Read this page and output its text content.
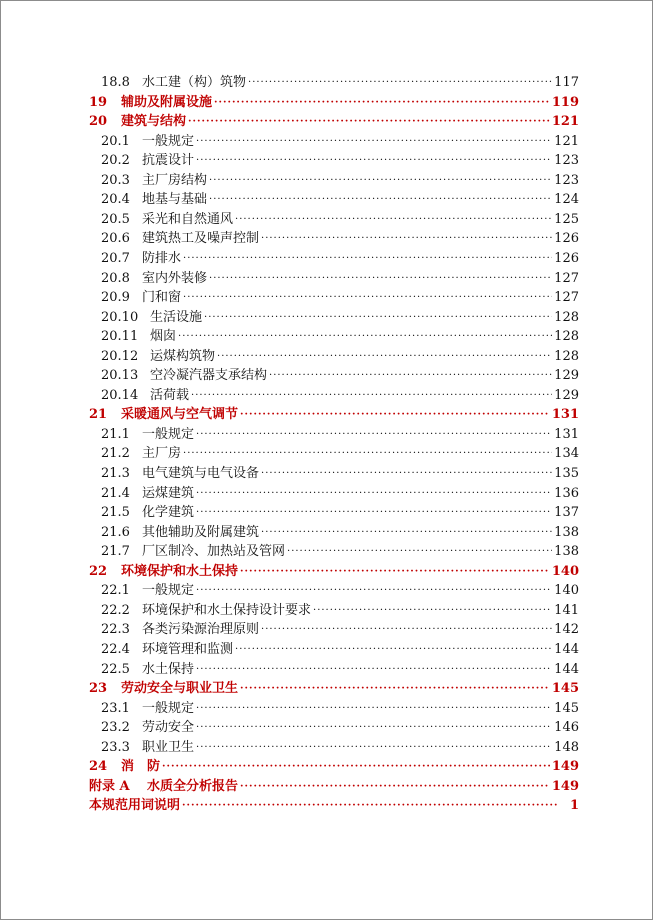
18.8 水工建（构）筑物 ·····	117
19	辅助及附属设施 ·····	119
20	建筑与结构 ·····	121
20.1 一般规定 ·····	121
20.2 抗震设计 ·····	123
20.3 主厂房结构 ·····	123
20.4 地基与基础 ·····	124
20.5 采光和自然通风 ·····	125
20.6 建筑热工及噪声控制 ·····	126
20.7 防排水 ·····	126
20.8 室内外装修 ·····	127
20.9 门和窗 ·····	127
20.10 生活设施 ·····	128
20.11 烟囱 ·····	128
20.12 运煤构筑物 ·····	128
20.13 空冷凝汽器支承结构 ·····	129
20.14 活荷载 ·····	129
21	采暖通风与空气调节 ·····	131
21.1 一般规定 ·····	131
21.2 主厂房 ·····	134
21.3 电气建筑与电气设备 ·····	135
21.4 运煤建筑 ·····	136
21.5 化学建筑 ·····	137
21.6 其他辅助及附属建筑 ·····	138
21.7 厂区制冷、加热站及管网 ·····	138
22	环境保护和水土保持 ·····	140
22.1 一般规定 ·····	140
22.2 环境保护和水土保持设计要求 ·····	141
22.3 各类污染源治理原则 ·····	142
22.4 环境管理和监测 ·····	144
22.5 水土保持 ·····	144
23	劳动安全与职业卫生 ·····	145
23.1 一般规定 ·····	145
23.2 劳动安全 ·····	146
23.3 职业卫生 ·····	148
24	消　防 ·····	149
附录 A	水质全分析报告 ·····	149
本规范用词说明 ·····	1
